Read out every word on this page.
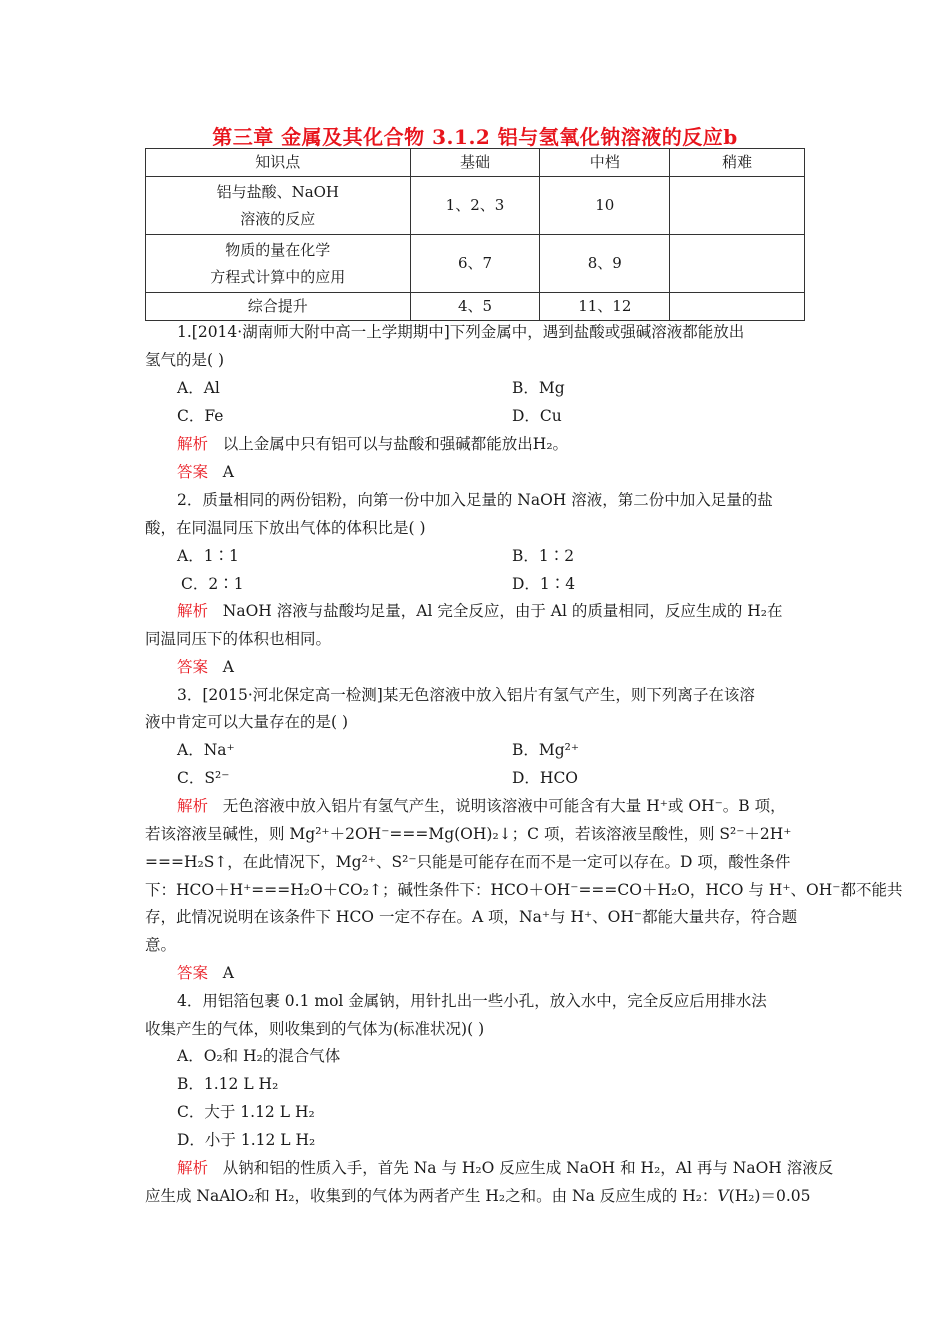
第三章 金属及其化合物 3.1.2 铝与氢氧化钠溶液的反应b
知识点	基础	中档	稍难

铝与盐酸、NaOH
溶液的反应	1、2、3	10	

物质的量在化学
方程式计算中的应用	6、7	8、9	
综合提升	4、5	11、12	
1.[2014·湖南师大附中高一上学期期中]下列金属中，遇到盐酸或强碱溶液都能放出
氢气的是( )
A．Al	B．Mg
C．Fe	D．Cu
解析 以上金属中只有铝可以与盐酸和强碱都能放出H₂。
答案 A
2．质量相同的两份铝粉，向第一份中加入足量的 NaOH 溶液，第二份中加入足量的盐
酸，在同温同压下放出气体的体积比是( )
A．1∶1	B．1∶2
C．2∶1	D．1∶4
解析 NaOH 溶液与盐酸均足量，Al 完全反应，由于 Al 的质量相同，反应生成的 H₂在
同温同压下的体积也相同。
答案 A
3．[2015·河北保定高一检测]某无色溶液中放入铝片有氢气产生，则下列离子在该溶
液中肯定可以大量存在的是( )
A．Na⁺	B．Mg²⁺
C．S²⁻	D．HCO
解析 无色溶液中放入铝片有氢气产生，说明该溶液中可能含有大量 H⁺或 OH⁻。B 项，
若该溶液呈碱性，则 Mg²⁺＋2OH⁻===Mg(OH)₂↓；C 项，若该溶液呈酸性，则 S²⁻＋2H⁺
===H₂S↑，在此情况下，Mg²⁺、S²⁻只能是可能存在而不是一定可以存在。D 项，酸性条件
下：HCO＋H⁺===H₂O＋CO₂↑；碱性条件下：HCO＋OH⁻===CO＋H₂O，HCO 与 H⁺、OH⁻都不能共
存，此情况说明在该条件下 HCO 一定不存在。A 项，Na⁺与 H⁺、OH⁻都能大量共存，符合题
意。
答案 A
4．用铝箔包裹 0.1 mol 金属钠，用针扎出一些小孔，放入水中，完全反应后用排水法
收集产生的气体，则收集到的气体为(标准状况)( )
A．O₂和 H₂的混合气体
B．1.12 L H₂
C．大于 1.12 L H₂
D．小于 1.12 L H₂
解析 从钠和铝的性质入手，首先 Na 与 H₂O 反应生成 NaOH 和 H₂，Al 再与 NaOH 溶液反
应生成 NaAlO₂和 H₂，收集到的气体为两者产生 H₂之和。由 Na 反应生成的 H₂：V(H₂)＝0.05
